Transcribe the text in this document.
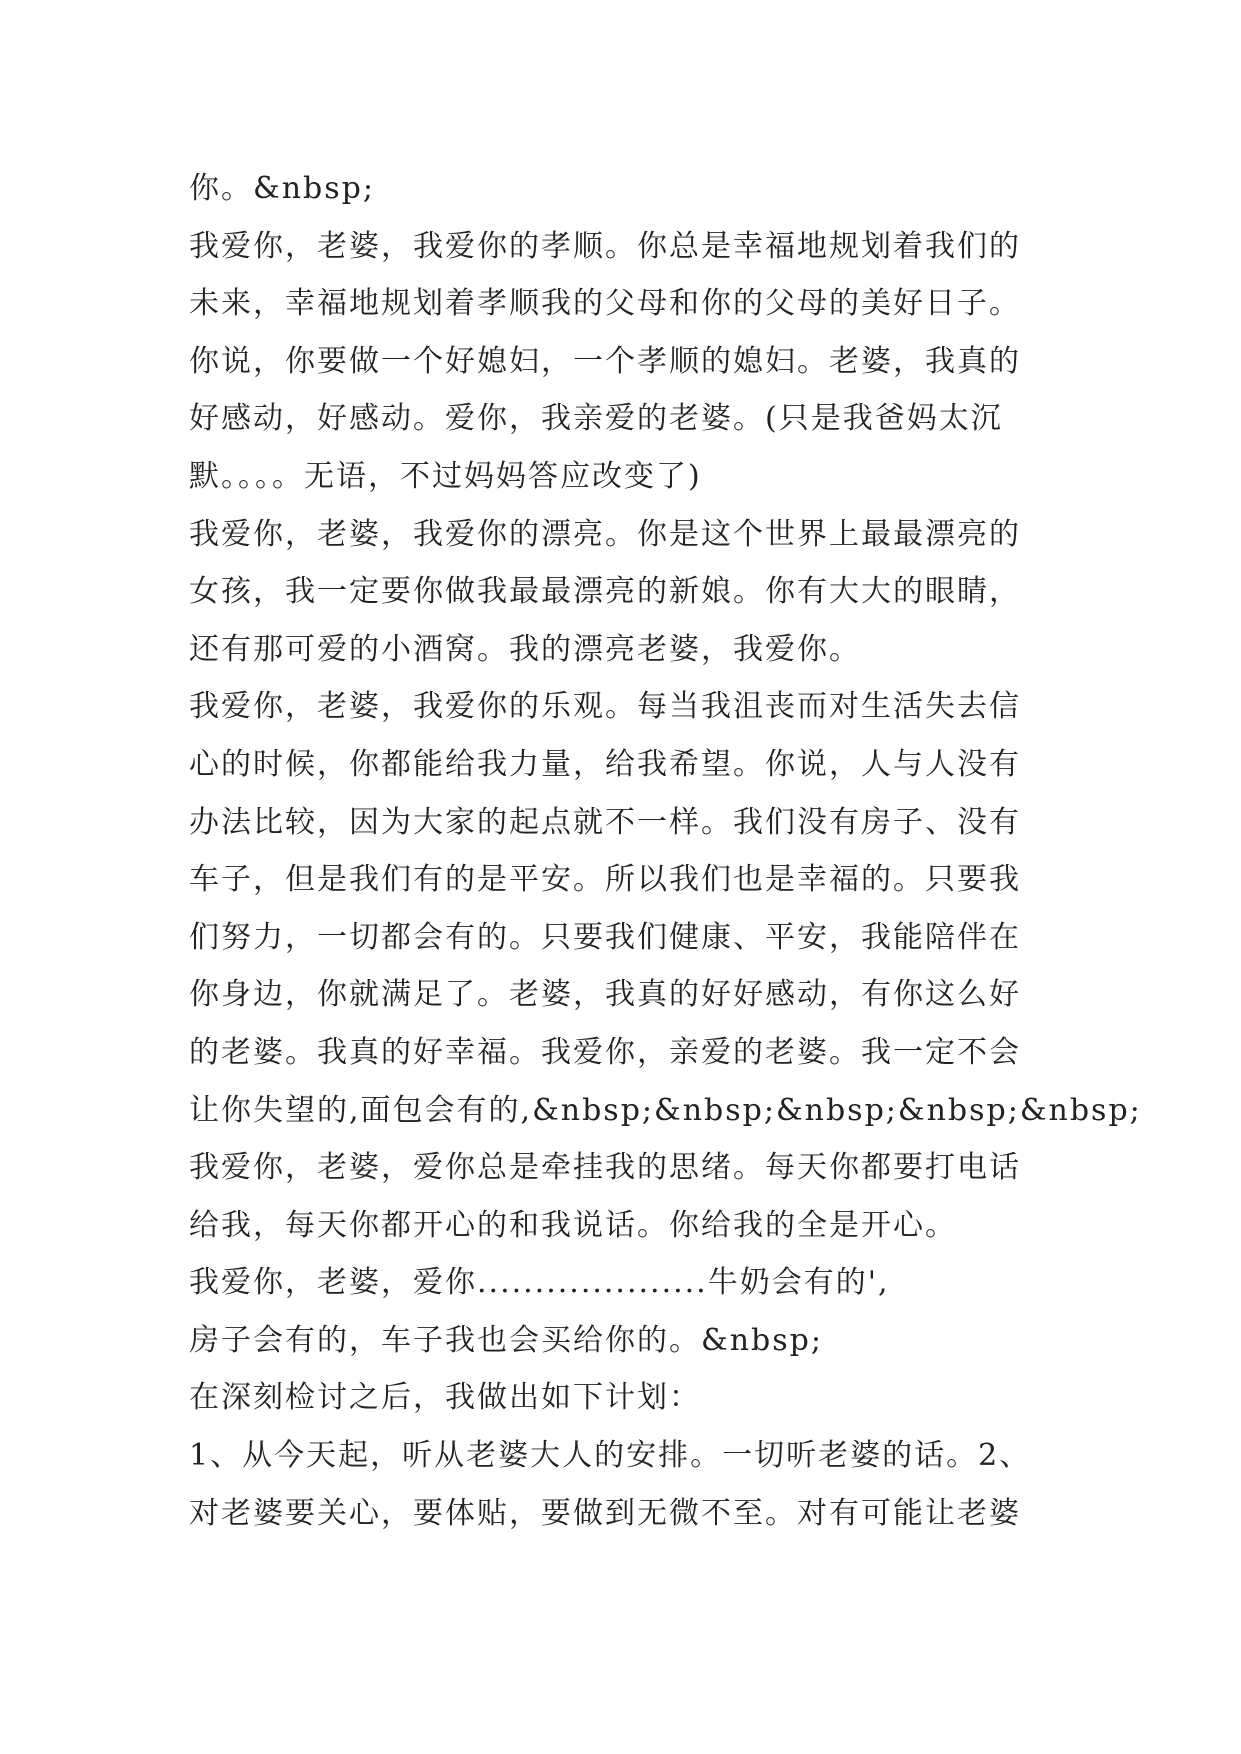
你。&nbsp;
我爱你，老婆，我爱你的孝顺。你总是幸福地规划着我们的
未来，幸福地规划着孝顺我的父母和你的父母的美好日子。
你说，你要做一个好媳妇，一个孝顺的媳妇。老婆，我真的
好感动，好感动。爱你，我亲爱的老婆。(只是我爸妈太沉
默。。。。无语，不过妈妈答应改变了)
我爱你，老婆，我爱你的漂亮。你是这个世界上最最漂亮的
女孩，我一定要你做我最最漂亮的新娘。你有大大的眼睛，
还有那可爱的小酒窝。我的漂亮老婆，我爱你。
我爱你，老婆，我爱你的乐观。每当我沮丧而对生活失去信
心的时候，你都能给我力量，给我希望。你说，人与人没有
办法比较，因为大家的起点就不一样。我们没有房子、没有
车子，但是我们有的是平安。所以我们也是幸福的。只要我
们努力，一切都会有的。只要我们健康、平安，我能陪伴在
你身边，你就满足了。老婆，我真的好好感动，有你这么好
的老婆。我真的好幸福。我爱你，亲爱的老婆。我一定不会
让你失望的,面包会有的,&nbsp;&nbsp;&nbsp;&nbsp;&nbsp;
我爱你，老婆，爱你总是牵挂我的思绪。每天你都要打电话
给我，每天你都开心的和我说话。你给我的全是开心。
我爱你，老婆，爱你....................牛奶会有的',
房子会有的，车子我也会买给你的。&nbsp;
在深刻检讨之后，我做出如下计划：
1、从今天起，听从老婆大人的安排。一切听老婆的话。2、
对老婆要关心，要体贴，要做到无微不至。对有可能让老婆
